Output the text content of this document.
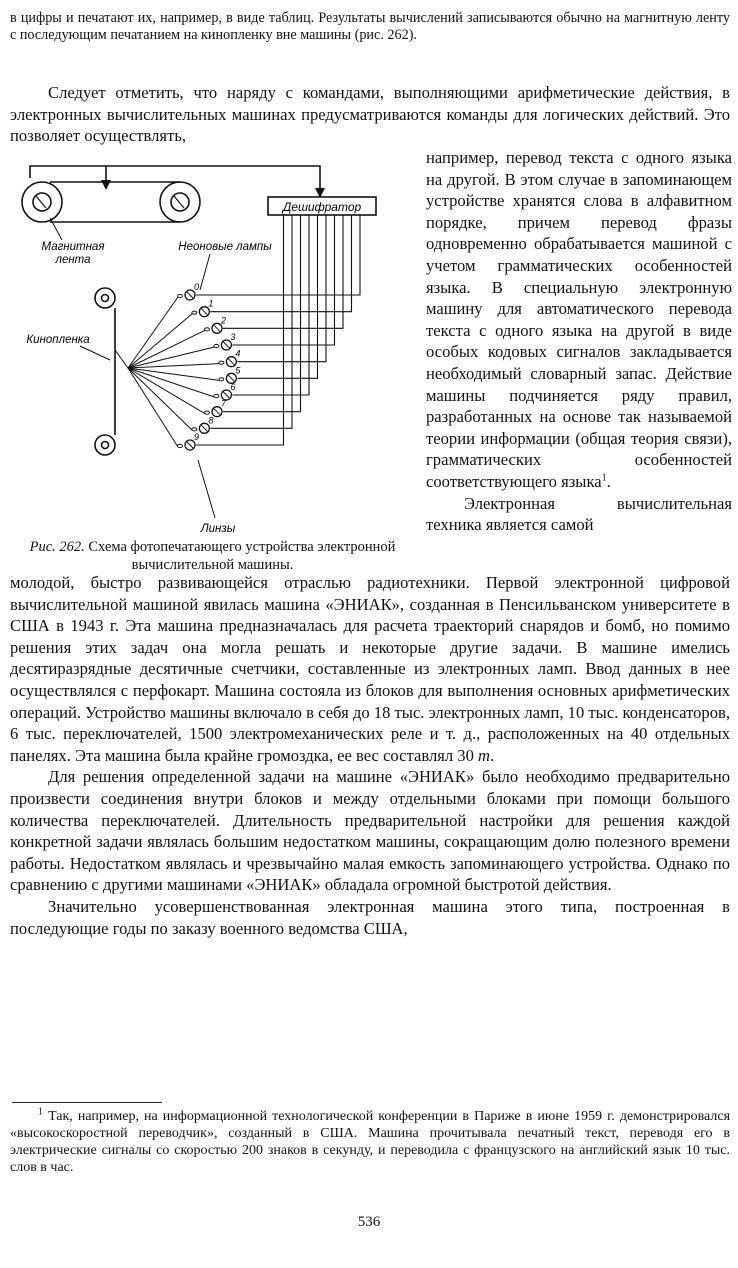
в цифры и печатают их, например, в виде таблиц. Результаты вычислений записываются обычно на магнитную ленту с последующим печатанием на кинопленку вне машины (рис. 262).

Следует отметить, что наряду с командами, выполняющими арифметические действия, в электронных вычислительных машинах предусматриваются команды для логических действий. Это позволяет осуществлять,

Дешифратор
Магнитная
лента
Неоновые лампы
Кинопленка
Линзы
0
1
2
3
4
5
6
7
8
9

Рис. 262. Схема фотопечатающего устройства электронной вычислительной машины.

например, перевод текста с одного языка на другой. В этом случае в запоминающем устройстве хранятся слова в алфавитном порядке, причем перевод фразы одновременно обрабатывается машиной с учетом грамматических особенностей языка. В специальную электронную машину для автоматического перевода текста с одного языка на другой в виде особых кодовых сигналов закладывается необходимый словарный запас. Действие машины подчиняется ряду правил, разработанных на основе так называемой теории информации (общая теория связи), грамматических особенностей соответствующего языка$^1$.

Электронная вычислительная техника является самой

молодой, быстро развивающейся отраслью радиотехники. Первой электронной цифровой вычислительной машиной явилась машина «ЭНИАК», созданная в Пенсильванском университете в США в 1943 г. Эта машина предназначалась для расчета траекторий снарядов и бомб, но помимо решения этих задач она могла решать и некоторые другие задачи. В машине имелись десятиразрядные десятичные счетчики, составленные из электронных ламп. Ввод данных в нее осуществлялся с перфокарт. Машина состояла из блоков для выполнения основных арифметических операций. Устройство машины включало в себя до 18 тыс. электронных ламп, 10 тыс. конденсаторов, 6 тыс. переключателей, 1500 электромеханических реле и т. д., расположенных на 40 отдельных панелях. Эта машина была крайне громоздка, ее вес составлял 30 т.

Для решения определенной задачи на машине «ЭНИАК» было необходимо предварительно произвести соединения внутри блоков и между отдельными блоками при помощи большого количества переключателей. Длительность предварительной настройки для решения каждой конкретной задачи являлась большим недостатком машины, сокращающим долю полезного времени работы. Недостатком являлась и чрезвычайно малая емкость запоминающего устройства. Однако по сравнению с другими машинами «ЭНИАК» обладала огромной быстротой действия.

Значительно усовершенствованная электронная машина этого типа, построенная в последующие годы по заказу военного ведомства США,

$^1$ Так, например, на информационной технологической конференции в Париже в июне 1959 г. демонстрировался «высокоскоростной переводчик», созданный в США. Машина прочитывала печатный текст, переводя его в электрические сигналы со скоростью 200 знаков в секунду, и переводила с французского на английский язык 10 тыс. слов в час.

536
